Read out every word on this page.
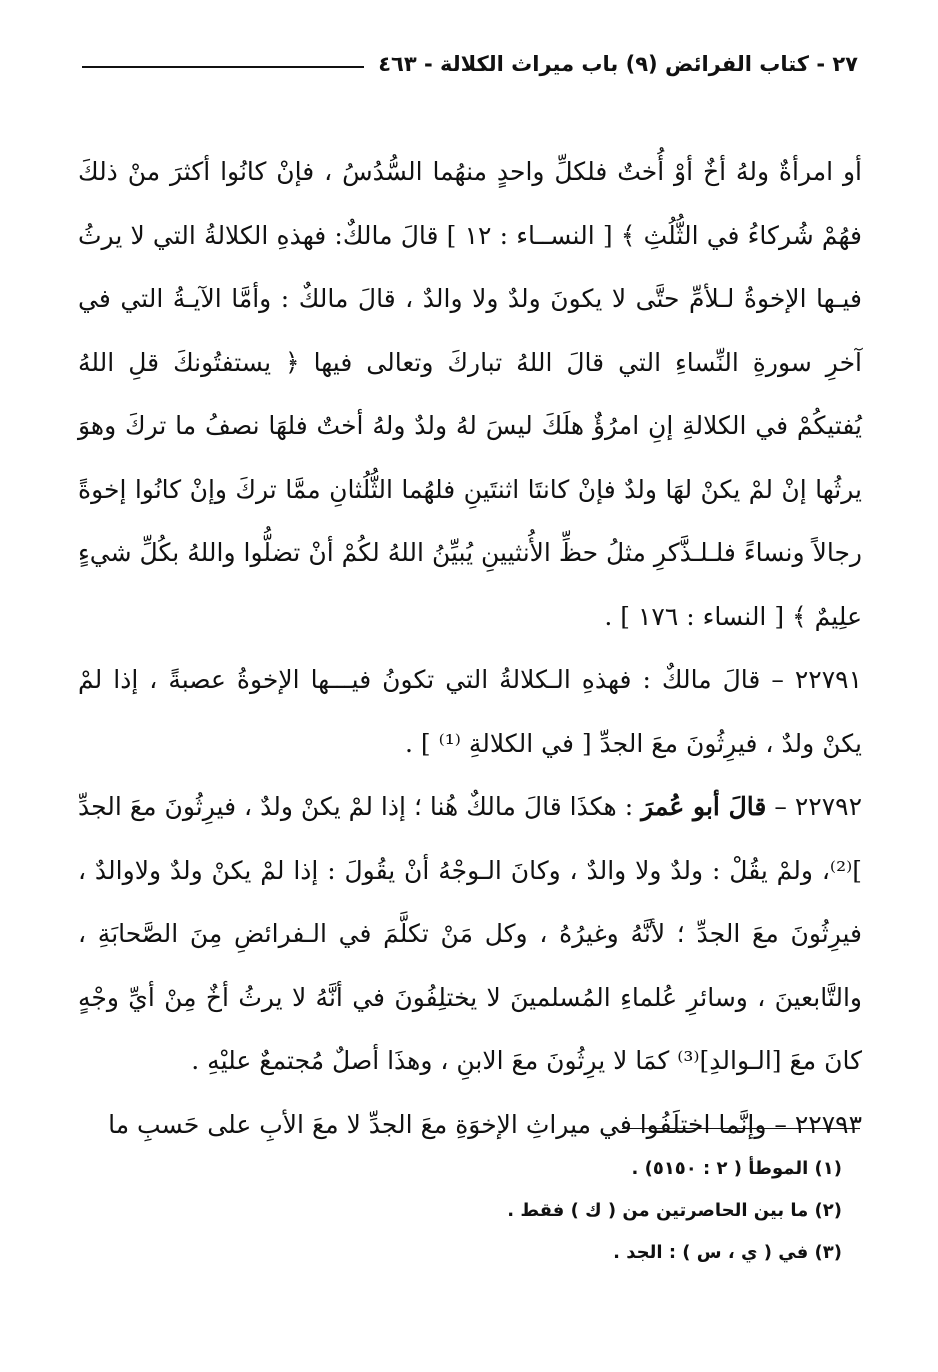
٢٧ - كتاب الفرائض (٩) باب ميراث الكلالة - ٤٦٣

أو امرأةٌ ولهُ أخٌ أوْ أُختٌ فلكلِّ واحدٍ منهُما السُّدُسُ ، فإنْ كانُوا أكثرَ منْ ذلكَ فهُمْ شُركاءُ في الثُّلُثِ ﴾ [ النســاء : ١٢ ] قالَ مالكٌ: فهذهِ الكلالةُ التي لا يرثُ فيـها الإخوةُ لـلأمِّ حتَّى لا يكونَ ولدٌ ولا والدٌ ، قالَ مالكٌ : وأمَّا الآيـةُ التي في آخرِ سورةِ النِّساءِ التي قالَ اللهُ تباركَ وتعالى فيها ﴿ يستفتُونكَ قلِ اللهُ يُفتيكُمْ في الكلالةِ إنِ امرُؤٌ هلَكَ ليسَ لهُ ولدٌ ولهُ أختٌ فلهَا نصفُ ما تركَ وهوَ يرثُها إنْ لمْ يكنْ لهَا ولدٌ فإنْ كانتَا اثنتَينِ فلهُما الثُّلُثانِ ممَّا تركَ وإنْ كانُوا إخوةً رجالاً ونساءً فلـلـذَّكرِ مثلُ حظِّ الأُنثيينِ يُبيِّنُ اللهُ لكُمْ أنْ تضلُّوا واللهُ بكُلِّ شيءٍ علِيمٌ ﴾ [ النساء : ١٧٦ ] .

٢٢٧٩١ – قالَ مالكٌ : فهذهِ الـكلالةُ التي تكونُ فيـــها الإخوةُ عصبةً ، إذا لمْ يكنْ ولدٌ ، فيرِثُونَ معَ الجدِّ [ في الكلالةِ ⁽¹⁾ ] .

٢٢٧٩٢ – قالَ أبو عُمرَ : هكذَا قالَ مالكٌ هُنا ؛ إذا لمْ يكنْ ولدٌ ، فيرِثُونَ معَ الجدِّ ]⁽²⁾، ولمْ يقُلْ : ولدٌ ولا والدٌ ، وكانَ الـوجْهُ أنْ يقُولَ : إذا لمْ يكنْ ولدٌ ولاوالدٌ ، فيرِثُونَ معَ الجدِّ ؛ لأنَّهُ وغيرُهُ ، وكل مَنْ تكلَّمَ في الـفرائضِ مِنَ الصَّحابَةِ ، والتَّابعينَ ، وسائرِ عُلماءِ المُسلمينَ لا يختلِفُونَ في أنَّهُ لا يرثُ أخٌ مِنْ أيِّ وجْهٍ كانَ معَ [الـوالدِ]⁽³⁾ كمَا لا يرِثُونَ معَ الابنِ ، وهذَا أصلٌ مُجتمعٌ عليْهِ .

٢٢٧٩٣ – وإنَّما اختلَفُوا في ميراثِ الإخوَةِ معَ الجدِّ لا معَ الأبِ على حَسبِ ما

(١) الموطأ ( ٢ : ٥١٥٠) .
(٢) ما بين الحاصرتين من ( ك ) فقط .
(٣) في ( ي ، س ) : الجد .
